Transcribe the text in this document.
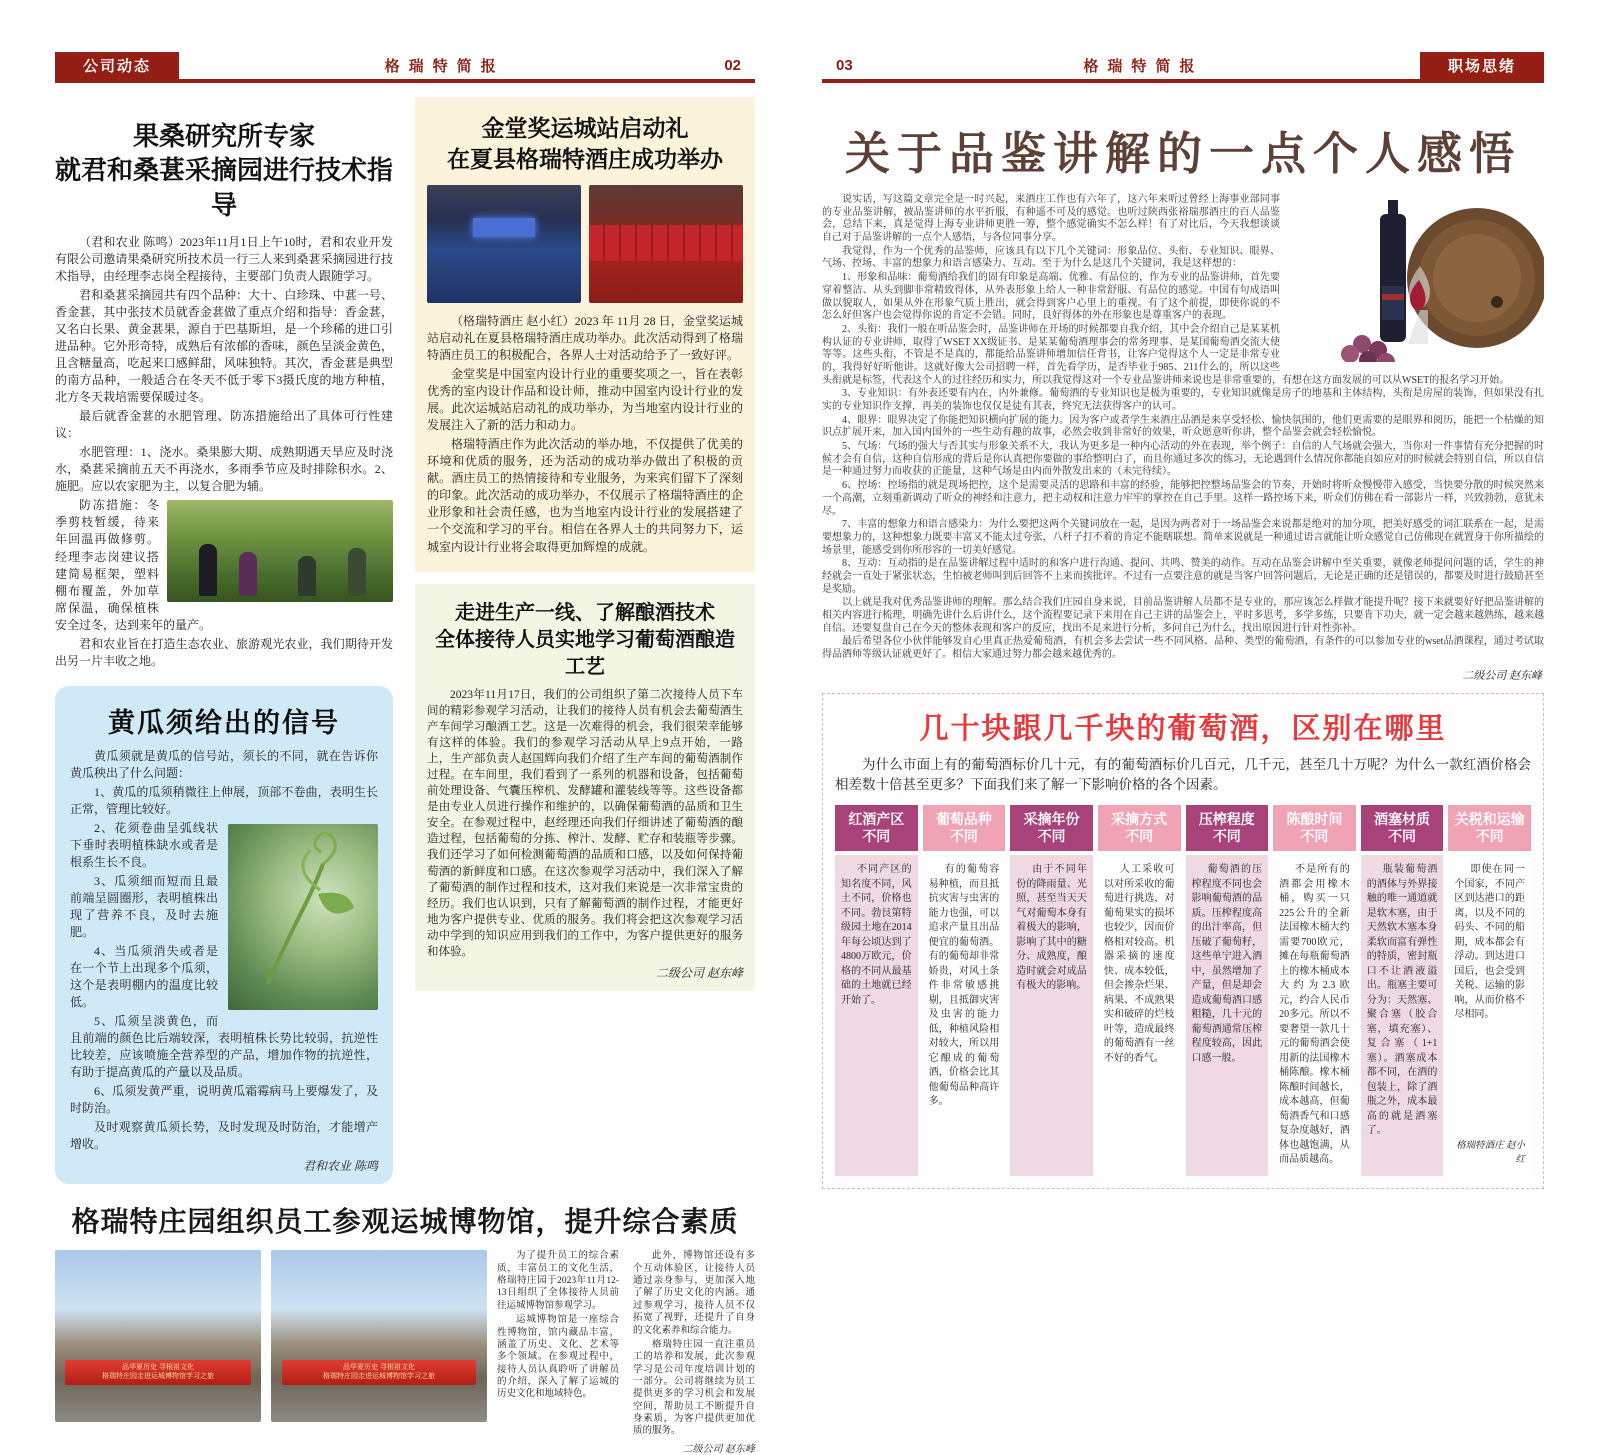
公司动态	格瑞特简报	02
果桑研究所专家
就君和桑葚采摘园进行技术指导

（君和农业 陈鸣）2023年11月1日上午10时，君和农业开发有限公司邀请果桑研究所技术员一行三人来到桑葚采摘园进行技术指导，由经理李志岗全程接待，主要部门负责人跟随学习。

君和桑葚采摘园共有四个品种：大十、白珍珠、中葚一号、香金葚，其中张技术员就香金葚做了重点介绍和指导：香金葚，又名白长果、黄金葚果，源自于巴基斯坦，是一个珍稀的进口引进品种。它外形奇特，成熟后有浓郁的香味，颜色呈淡金黄色，且含糖量高，吃起来口感鲜甜，风味独特。其次，香金葚是典型的南方品种，一般适合在冬天不低于零下3摄氏度的地方种植，北方冬天栽培需要保暖过冬。

最后就香金葚的水肥管理、防冻措施给出了具体可行性建议：

水肥管理：1、浇水。桑果膨大期、成熟期遇天旱应及时浇水，桑葚采摘前五天不再浇水，多雨季节应及时排除积水。2、施肥。应以农家肥为主，以复合肥为辅。

防冻措施：冬季剪枝暂缓，待来年回温再做修剪。经理李志岗建议搭建简易框架，塑料棚布覆盖，外加草席保温，确保植株安全过冬，达到来年的量产。

君和农业旨在打造生态农业、旅游观光农业，我们期待开发出另一片丰收之地。

黄瓜须给出的信号

黄瓜须就是黄瓜的信号站，须长的不同，就在告诉你黄瓜秧出了什么问题：

1、黄瓜的瓜须稍微往上伸展，顶部不卷曲，表明生长正常，管理比较好。

2、花须卷曲呈弧线状下垂时表明植株缺水或者是根系生长不良。

3、瓜须细而短而且最前端呈圆圈形，表明植株出现了营养不良，及时去施肥。

4、当瓜须消失或者是在一个节上出现多个瓜须，这个是表明棚内的温度比较低。

5、瓜须呈淡黄色，而且前端的颜色比后端较深，表明植株长势比较弱，抗逆性比较差，应该喷施全营养型的产品，增加作物的抗逆性，有助于提高黄瓜的产量以及品质。

6、瓜须发黄严重，说明黄瓜霜霉病马上要爆发了，及时防治。

及时观察黄瓜须长势，及时发现及时防治，才能增产增收。

君和农业 陈鸣
金堂奖运城站启动礼
在夏县格瑞特酒庄成功举办

（格瑞特酒庄 赵小红）2023 年 11月 28 日，金堂奖运城站启动礼在夏县格瑞特酒庄成功举办。此次活动得到了格瑞特酒庄员工的积极配合，各界人士对活动给予了一致好评。

金堂奖是中国室内设计行业的重要奖项之一，旨在表彰优秀的室内设计作品和设计师，推动中国室内设计行业的发展。此次运城站启动礼的成功举办，为当地室内设计行业的发展注入了新的活力和动力。

格瑞特酒庄作为此次活动的举办地，不仅提供了优美的环境和优质的服务，还为活动的成功举办做出了积极的贡献。酒庄员工的热情接待和专业服务，为来宾们留下了深刻的印象。此次活动的成功举办，不仅展示了格瑞特酒庄的企业形象和社会责任感，也为当地室内设计行业的发展搭建了一个交流和学习的平台。相信在各界人士的共同努力下，运城室内设计行业将会取得更加辉煌的成就。

走进生产一线、了解酿酒技术
全体接待人员实地学习葡萄酒酿造工艺

2023年11月17日，我们的公司组织了第二次接待人员下车间的精彩参观学习活动，让我们的接待人员有机会去葡萄酒生产车间学习酿酒工艺。这是一次难得的机会，我们很荣幸能够有这样的体验。我们的参观学习活动从早上9点开始，一路上，生产部负责人赵国辉向我们介绍了生产车间的葡萄酒制作过程。在车间里，我们看到了一系列的机器和设备，包括葡萄前处理设备、气囊压榨机、发酵罐和灌装线等等。这些设备都是由专业人员进行操作和维护的，以确保葡萄酒的品质和卫生安全。在参观过程中，赵经理还向我们仔细讲述了葡萄酒的酿造过程，包括葡萄的分拣、榨汁、发酵、贮存和装瓶等步骤。我们还学习了如何检测葡萄酒的品质和口感，以及如何保持葡萄酒的新鲜度和口感。在这次参观学习活动中，我们深入了解了葡萄酒的制作过程和技术，这对我们来说是一次非常宝贵的经历。我们也认识到，只有了解葡萄酒的制作过程，才能更好地为客户提供专业、优质的服务。我们将会把这次参观学习活动中学到的知识应用到我们的工作中，为客户提供更好的服务和体验。

二级公司 赵东峰
格瑞特庄园组织员工参观运城博物馆，提升综合素质
品华夏历史 寻根祖文化
格瑞特庄园走进运城博物馆学习之旅
品华夏历史 寻根祖文化
格瑞特庄园走进运城博物馆学习之旅

为了提升员工的综合素质，丰富员工的文化生活，格瑞特庄园于2023年11月12-13日组织了全体接待人员前往运城博物馆参观学习。

运城博物馆是一座综合性博物馆，馆内藏品丰富，涵盖了历史、文化、艺术等多个领域。在参观过程中，接待人员认真聆听了讲解员的介绍，深入了解了运城的历史文化和地域特色。

此外，博物馆还设有多个互动体验区，让接待人员通过亲身参与，更加深入地了解了历史文化的内涵。通过参观学习，接待人员不仅拓宽了视野，还提升了自身的文化素养和综合能力。

格瑞特庄园一直注重员工的培养和发展，此次参观学习是公司年度培训计划的一部分。公司将继续为员工提供更多的学习机会和发展空间，帮助员工不断提升自身素质，为客户提供更加优质的服务。

二级公司 赵东峰
03	格瑞特简报	职场思绪
关于品鉴讲解的一点个人感悟

说实话，写这篇文章完全是一时兴起，来酒庄工作也有六年了，这六年来听过曾经上海事业部同事的专业品鉴讲解，被品鉴讲师的水平折服，有种遥不可及的感觉。也听过陕西张裕瑞那酒庄的百人品鉴会，总结下来，真是觉得上海专业讲师更胜一筹，整个感觉确实不怎么样！有了对比后，今天我想谈谈自己对于品鉴讲解的一点个人感悟，与各位同事分享。

我觉得，作为一个优秀的品鉴师，应该具有以下几个关键词：形象品位、头衔、专业知识、眼界、气场、控场、丰富的想象力和语言感染力、互动。至于为什么是这几个关键词，我是这样想的：

1、形象和品味：葡萄酒给我们的固有印象是高端、优雅、有品位的，作为专业的品鉴讲师，首先要穿着整洁、从头到脚非常精致得体，从外表形象上给人一种非常舒服、有品位的感觉。中国有句成语叫做以貌取人，如果从外在形象气质上胜出，就会得到客户心里上的重视。有了这个前提，即使你说的不怎么好但客户也会觉得你说的肯定不会错。同时，良好得体的外在形象也是尊重客户的表现。

2、头衔：我们一般在听品鉴会时，品鉴讲师在开场的时候都要自我介绍，其中会介绍自己是某某机构认证的专业讲师，取得了WSET XX级证书、是某某葡萄酒理事会的常务理事、是某国葡萄酒交流大使等等。这些头衔，不管是不是真的，都能给品鉴讲师增加信任背书，让客户觉得这个人一定是非常专业的，我得好好听他讲。这就好像大公司招聘一样，首先看学历，是否毕业于985、211什么的，所以这些头衔就是标签，代表这个人的过往经历和实力，所以我觉得这对一个专业品鉴讲师来说也是非常重要的，有想在这方面发展的可以从WSET的报名学习开始。

3、专业知识：有外表还要有内在，内外兼修。葡萄酒的专业知识也是极为重要的，专业知识就像是房子的地基和主体结构，头衔是房屋的装饰，但如果没有扎实的专业知识作支撑，再美的装饰也仅仅是徒有其表，终究无法获得客户的认可。

4、眼界：眼界决定了你能把知识横向扩展的能力。因为客户或者学生来酒庄品酒是来享受轻松、愉快氛围的，他们更需要的是眼界和阅历，能把一个枯燥的知识点扩展开来，加入国内国外的一些生动有趣的故事，必然会收到非常好的效果，听众愿意听你讲，整个品鉴会就会轻松愉悦。

5、气场：气场的强大与否其实与形象关系不大，我认为更多是一种内心活动的外在表现，举个例子：自信的人气场就会强大，当你对一件事情有充分把握的时候才会有自信，这种自信形成的背后是你认真把你要做的事给整明白了，而且你通过多次的练习，无论遇到什么情况你都能自如应对的时候就会特别自信，所以自信是一种通过努力而收获的正能量，这种气场是由内而外散发出来的（未完待续）。

6、控场：控场指的就是现场把控，这个是需要灵活的思路和丰富的经验，能够把控整场品鉴会的节奏，开始时将听众慢慢带入感受，当快要分散的时候突然来一个高潮，立刻重新调动了听众的神经和注意力，把主动权和注意力牢牢的掌控在自己手里。这样一路控场下来，听众们仿佛在看一部影片一样，兴致勃勃，意犹未尽。

7、丰富的想象力和语言感染力：为什么要把这两个关键词放在一起，是因为两者对于一场品鉴会来说都是绝对的加分项，把美好感受的词汇联系在一起，是需要想象力的，这种想象力既要丰富又不能太过夸张，八杆子打不着的肯定不能瞎联想。简单来说就是一种通过语言就能让听众感觉自己仿佛现在就置身于你所描绘的场景里，能感受到你所形容的一切美好感觉。

8、互动：互动指的是在品鉴讲解过程中适时的和客户进行沟通、提问、共鸣、赞美的动作。互动在品鉴会讲解中至关重要，就像老师提问问题的话，学生的神经就会一直处于紧张状态，生怕被老师叫到后回答不上来而挨批评。不过有一点要注意的就是当客户回答问题后，无论是正确的还是错误的，都要及时进行鼓励甚至是奖励。

以上就是我对优秀品鉴讲师的理解。那么结合我们庄园自身来说，目前品鉴讲解人员都不是专业的，那应该怎么样做才能提升呢？接下来就要好好把品鉴讲解的相关内容进行梳理，明确先讲什么后讲什么，这个流程要记录下来用在自己主讲的品鉴会上，平时多思考，多学多练，只要肯下功夫，就一定会越来越熟练，越来越自信。还要复盘自己在今天的整体表现和客户的反应，找出不足来进行分析，多问自己为什么，找出原因进行针对性弥补。

最后希望各位小伙伴能够发自心里真正热爱葡萄酒，有机会多去尝试一些不同风格、品种、类型的葡萄酒，有条件的可以参加专业的wset品酒课程，通过考试取得品酒师等级认证就更好了。相信大家通过努力都会越来越优秀的。

二级公司 赵东峰
几十块跟几千块的葡萄酒，区别在哪里

为什么市面上有的葡萄酒标价几十元，有的葡萄酒标价几百元，几千元，甚至几十万呢？为什么一款红酒价格会相差数十倍甚至更多？下面我们来了解一下影响价格的各个因素。

红酒产区
不同
不同产区的知名度不同，风土不同，价格也不同。勃艮第特级园土地在2014年每公顷达到了4800万欧元，价格的不同从最基础的土地就已经开始了。
葡萄品种
不同
有的葡萄容易种植，而且抵抗灾害与虫害的能力也强，可以追求产量且出品便宜的葡萄酒。有的葡萄却非常娇贵，对风土条件非常敏感挑剔，且抵御灾害及虫害的能力低，种植风险相对较大，所以用它酿成的葡萄酒，价格会比其他葡萄品种高许多。
采摘年份
不同
由于不同年份的降雨量、光照，甚至当天天气对葡萄本身有着极大的影响，影响了其中的糖分、成熟度，酿造时就会对成品有极大的影响。
采摘方式
不同
人工采收可以对所采收的葡萄进行挑选，对葡萄果实的损坏也较少，因而价格相对较高。机器采摘的速度快、成本较低，但会掺杂烂果、病果、不成熟果实和破碎的烂枝叶等，造成最终的葡萄酒有一丝不好的香气。
压榨程度
不同
葡萄酒的压榨程度不同也会影响葡萄酒的品质。压榨程度高的出汁率高，但压破了葡萄籽，这些单宁进入酒中，虽然增加了产量，但是却会造成葡萄酒口感粗糙，几十元的葡萄酒通常压榨程度较高，因此口感一般。
陈酿时间
不同
不是所有的酒都会用橡木桶，购买一只225公升的全新法国橡木桶大约需要700欧元，摊在每瓶葡萄酒上的橡木桶成本大约为2.3欧元，约合人民币20多元。所以不要奢望一款几十元的葡萄酒会使用新的法国橡木桶陈酿。橡木桶陈酿时间越长，成本越高，但葡萄酒香气和口感复杂度越好，酒体也越饱满，从而品质越高。
酒塞材质
不同
瓶装葡萄酒的酒体与外界接触的唯一通道就是软木塞，由于天然软木塞本身柔软而富有弹性的特质，密封瓶口不让酒液溢出。瓶塞主要可分为：天然塞、聚合塞（胶合塞，填充塞）、复合塞（1+1塞）。酒塞成本都不同，在酒的包装上，除了酒瓶之外，成本最高的就是酒塞了。
关税和运输
不同
即使在同一个国家，不同产区到达港口的距离，以及不同的码头、不同的船期，成本都会有浮动。到达进口国后，也会受到关税、运输的影响，从而价格不尽相同。
格瑞特酒庄 赵小红
